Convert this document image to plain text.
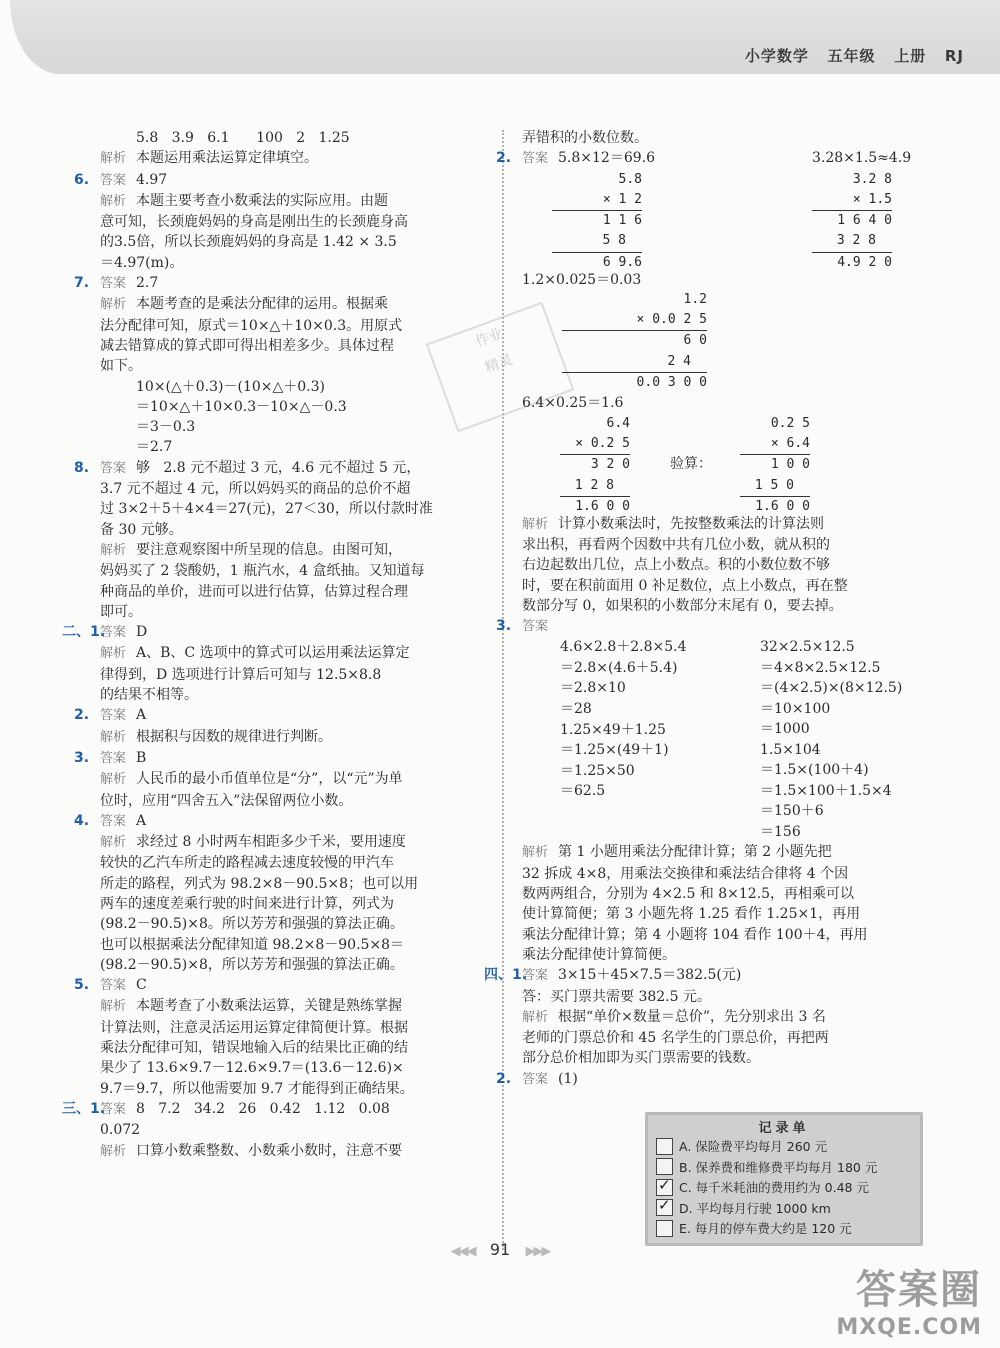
小学数学   五年级   上册   RJ
5.8   3.9   6.1      100   2   1.25
解析 本题运用乘法运算定律填空。
6. 答案 4.97
解析 本题主要考查小数乘法的实际应用。由题
意可知，长颈鹿妈妈的身高是刚出生的长颈鹿身高
的3.5倍，所以长颈鹿妈妈的身高是 1.42 × 3.5
＝4.97(m)。
7. 答案 2.7
解析 本题考查的是乘法分配律的运用。根据乘
法分配律可知，原式＝10×△＋10×0.3。用原式
减去错算成的算式即可得出相差多少。具体过程
如下。
10×(△＋0.3)－(10×△＋0.3)
＝10×△＋10×0.3－10×△－0.3
＝3－0.3
＝2.7
8. 答案 够   2.8 元不超过 3 元，4.6 元不超过 5 元，
3.7 元不超过 4 元，所以妈妈买的商品的总价不超
过 3×2＋5＋4×4＝27(元)，27＜30，所以付款时准
备 30 元够。
解析 要注意观察图中所呈现的信息。由图可知，
妈妈买了 2 袋酸奶，1 瓶汽水，4 盒纸抽。又知道每
种商品的单价，进而可以进行估算，估算过程合理
即可。
二、1.
答案 D
解析 A、B、C 选项中的算式可以运用乘法运算定
律得到，D 选项进行计算后可知与 12.5×8.8
的结果不相等。
2. 答案 A
解析 根据积与因数的规律进行判断。
3. 答案 B
解析 人民币的最小币值单位是“分”，以“元”为单
位时，应用“四舍五入”法保留两位小数。
4. 答案 A
解析 求经过 8 小时两车相距多少千米，要用速度
较快的乙汽车所走的路程减去速度较慢的甲汽车
所走的路程，列式为 98.2×8－90.5×8；也可以用
两车的速度差乘行驶的时间来进行计算，列式为
(98.2－90.5)×8。所以芳芳和强强的算法正确。
也可以根据乘法分配律知道 98.2×8－90.5×8＝
(98.2－90.5)×8，所以芳芳和强强的算法正确。
5. 答案 C
解析 本题考查了小数乘法运算，关键是熟练掌握
计算法则，注意灵活运用运算定律简便计算。根据
乘法分配律可知，错误地输入后的结果比正确的结
果少了 13.6×9.7－12.6×9.7＝(13.6－12.6)×
9.7＝9.7，所以他需要加 9.7 才能得到正确结果。
三、1.
答案 8   7.2   34.2   26   0.42   1.12   0.08
0.072
解析 口算小数乘整数、小数乘小数时，注意不要
作业
精灵
弄错积的小数位数。
2. 答案 5.8×12＝69.6	3.28×1.5≈4.9
5.8
× 1 2
1 1 6
5 8
6 9.6
3.2 8
× 1.5
1 6 4 0
3 2 8
4.9 2 0
1.2×0.025＝0.03
1.2
× 0.0 2 5
6 0
2 4
0.0 3 0 0
6.4×0.25＝1.6
6.4
× 0.2 5
3 2 0
1 2 8
1.6 0 0
验算：
0.2 5
× 6.4
1 0 0
1 5 0
1.6 0 0
解析 计算小数乘法时，先按整数乘法的计算法则
求出积，再看两个因数中共有几位小数，就从积的
右边起数出几位，点上小数点。积的小数位数不够
时，要在积前面用 0 补足数位，点上小数点，再在整
数部分写 0，如果积的小数部分末尾有 0，要去掉。
3. 答案
4.6×2.8＋2.8×5.4
＝2.8×(4.6＋5.4)
＝2.8×10
＝28
32×2.5×12.5
＝4×8×2.5×12.5
＝(4×2.5)×(8×12.5)
＝10×100
＝1000
1.25×49＋1.25
＝1.25×(49＋1)
＝1.25×50
＝62.5
1.5×104
＝1.5×(100＋4)
＝1.5×100＋1.5×4
＝150＋6
＝156
解析 第 1 小题用乘法分配律计算；第 2 小题先把
32 拆成 4×8，用乘法交换律和乘法结合律将 4 个因
数两两组合，分别为 4×2.5 和 8×12.5，再相乘可以
使计算简便；第 3 小题先将 1.25 看作 1.25×1，再用
乘法分配律计算；第 4 小题将 104 看作 100＋4，再用
乘法分配律使计算简便。
四、1.
答案 3×15＋45×7.5＝382.5(元)
答：买门票共需要 382.5 元。
解析 根据“单价×数量＝总价”，先分别求出 3 名
老师的门票总价和 45 名学生的门票总价，再把两
部分总价相加即为买门票需要的钱数。
2. 答案 (1)
记录单
A. 保险费平均每月 260 元
B. 保养费和维修费平均每月 180 元
✓
C. 每千米耗油的费用约为 0.48 元
✓
D. 平均每月行驶 1000 km
E. 每月的停车费大约是 120 元
◀◀◀ 91 ▶▶▶
答案圈
MXQE.COM
